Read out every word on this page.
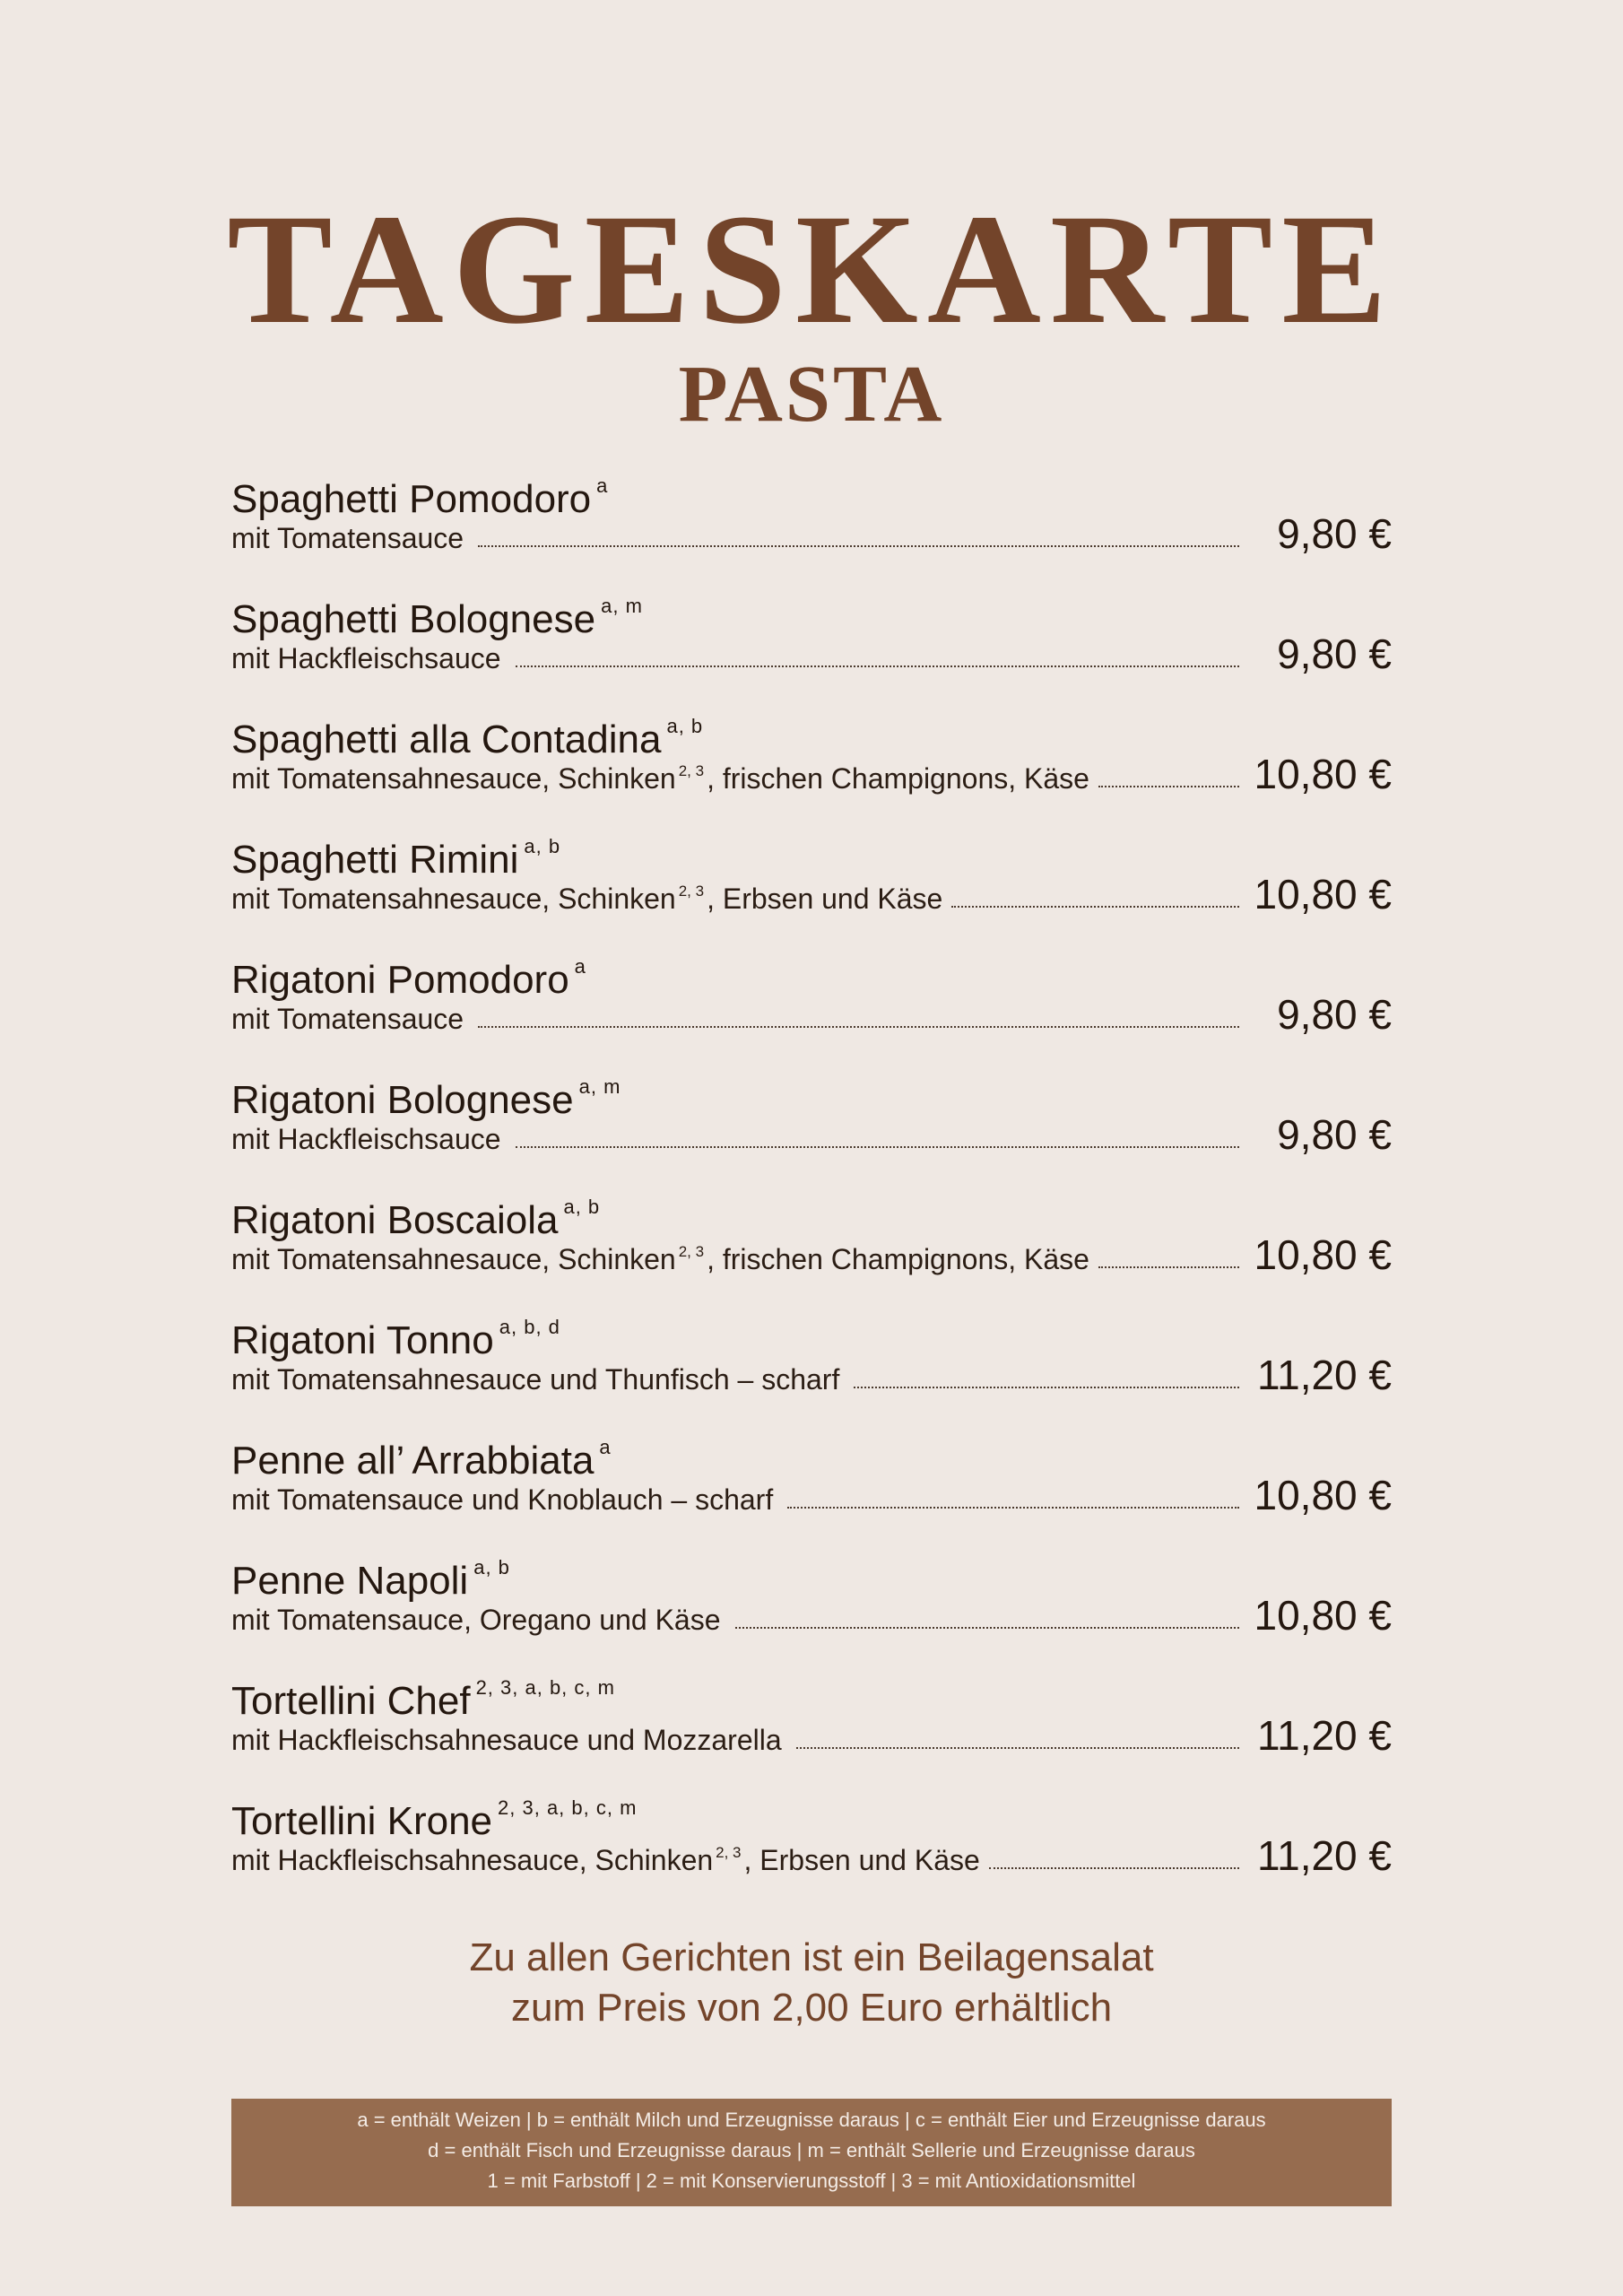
TAGESKARTE
PASTA
Spaghetti Pomodoro $^a$
mit Tomatensauce	9,80 €
Spaghetti Bolognese $^{a, m}$
mit Hackfleischsauce	9,80 €
Spaghetti alla Contadina $^{a, b}$
mit Tomatensahnesauce, Schinken $^{2, 3}$, frischen Champignons, Käse	10,80 €
Spaghetti Rimini $^{a, b}$
mit Tomatensahnesauce, Schinken $^{2, 3}$, Erbsen und Käse	10,80 €
Rigatoni Pomodoro $^a$
mit Tomatensauce	9,80 €
Rigatoni Bolognese $^{a, m}$
mit Hackfleischsauce	9,80 €
Rigatoni Boscaiola $^{a, b}$
mit Tomatensahnesauce, Schinken $^{2, 3}$, frischen Champignons, Käse	10,80 €
Rigatoni Tonno $^{a, b, d}$
mit Tomatensahnesauce und Thunfisch – scharf	11,20 €
Penne all’ Arrabbiata $^a$
mit Tomatensauce und Knoblauch – scharf	10,80 €
Penne Napoli $^{a, b}$
mit Tomatensauce, Oregano und Käse	10,80 €
Tortellini Chef $^{2, 3, a, b, c, m}$
mit Hackfleischsahnesauce und Mozzarella	11,20 €
Tortellini Krone $^{2, 3, a, b, c, m}$
mit Hackfleischsahnesauce, Schinken $^{2, 3}$, Erbsen und Käse	11,20 €
Zu allen Gerichten ist ein Beilagensalat
zum Preis von 2,00 Euro erhältlich
a = enthält Weizen | b = enthält Milch und Erzeugnisse daraus | c = enthält Eier und Erzeugnisse daraus
d = enthält Fisch und Erzeugnisse daraus | m = enthält Sellerie und Erzeugnisse daraus
1 = mit Farbstoff | 2 = mit Konservierungsstoff | 3 = mit Antioxidationsmittel
